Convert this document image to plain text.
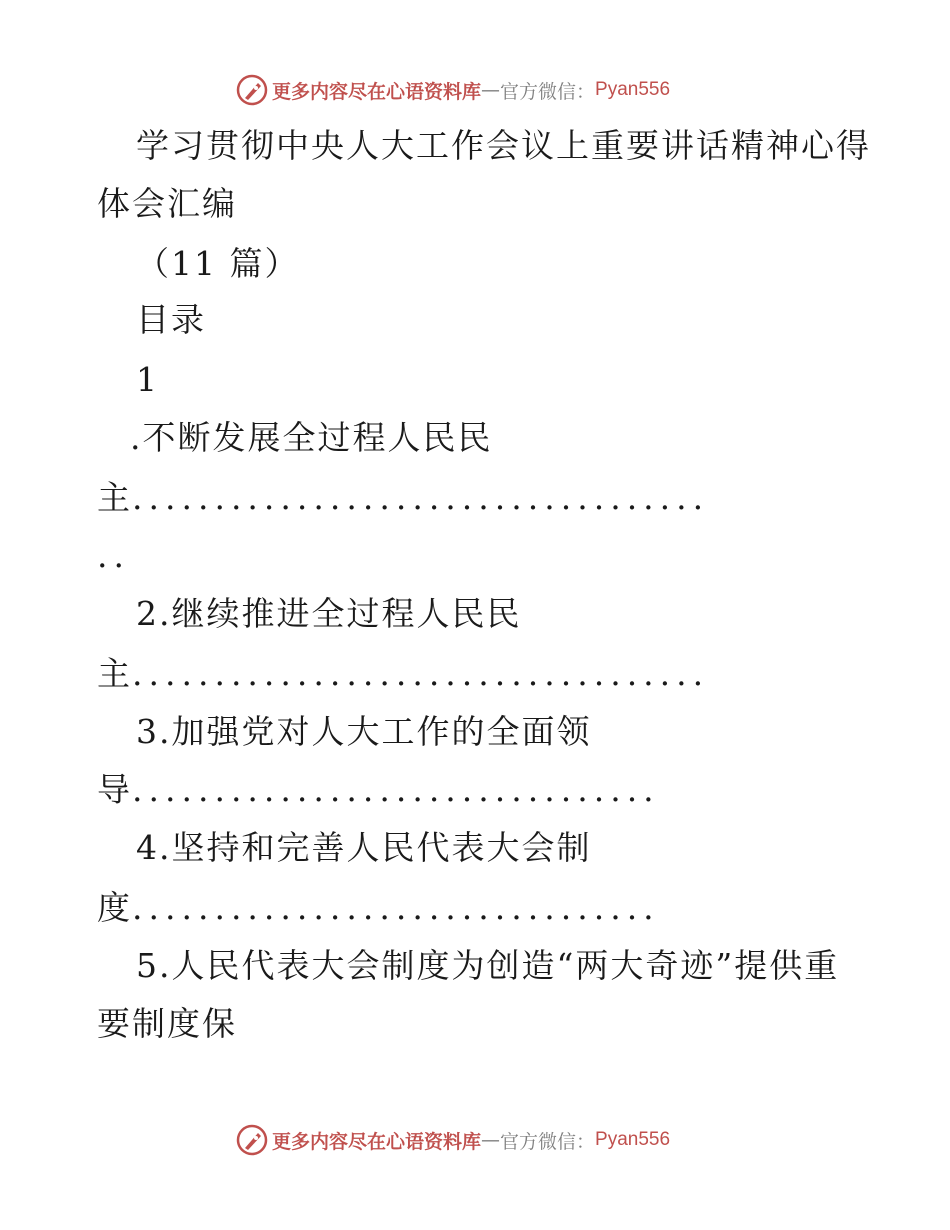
更多内容尽在心语资料库 — 官方微信： Pyan556
学习贯彻中央人大工作会议上重要讲话精神心得
体会汇编
（11 篇）
目录
1
.不断发展全过程人民民
主...................................
..
2.继续推进全过程人民民
主...................................
3.加强党对人大工作的全面领
导................................
4.坚持和完善人民代表大会制
度................................
5.人民代表大会制度为创造“两大奇迹”提供重
要制度保
更多内容尽在心语资料库 — 官方微信： Pyan556
